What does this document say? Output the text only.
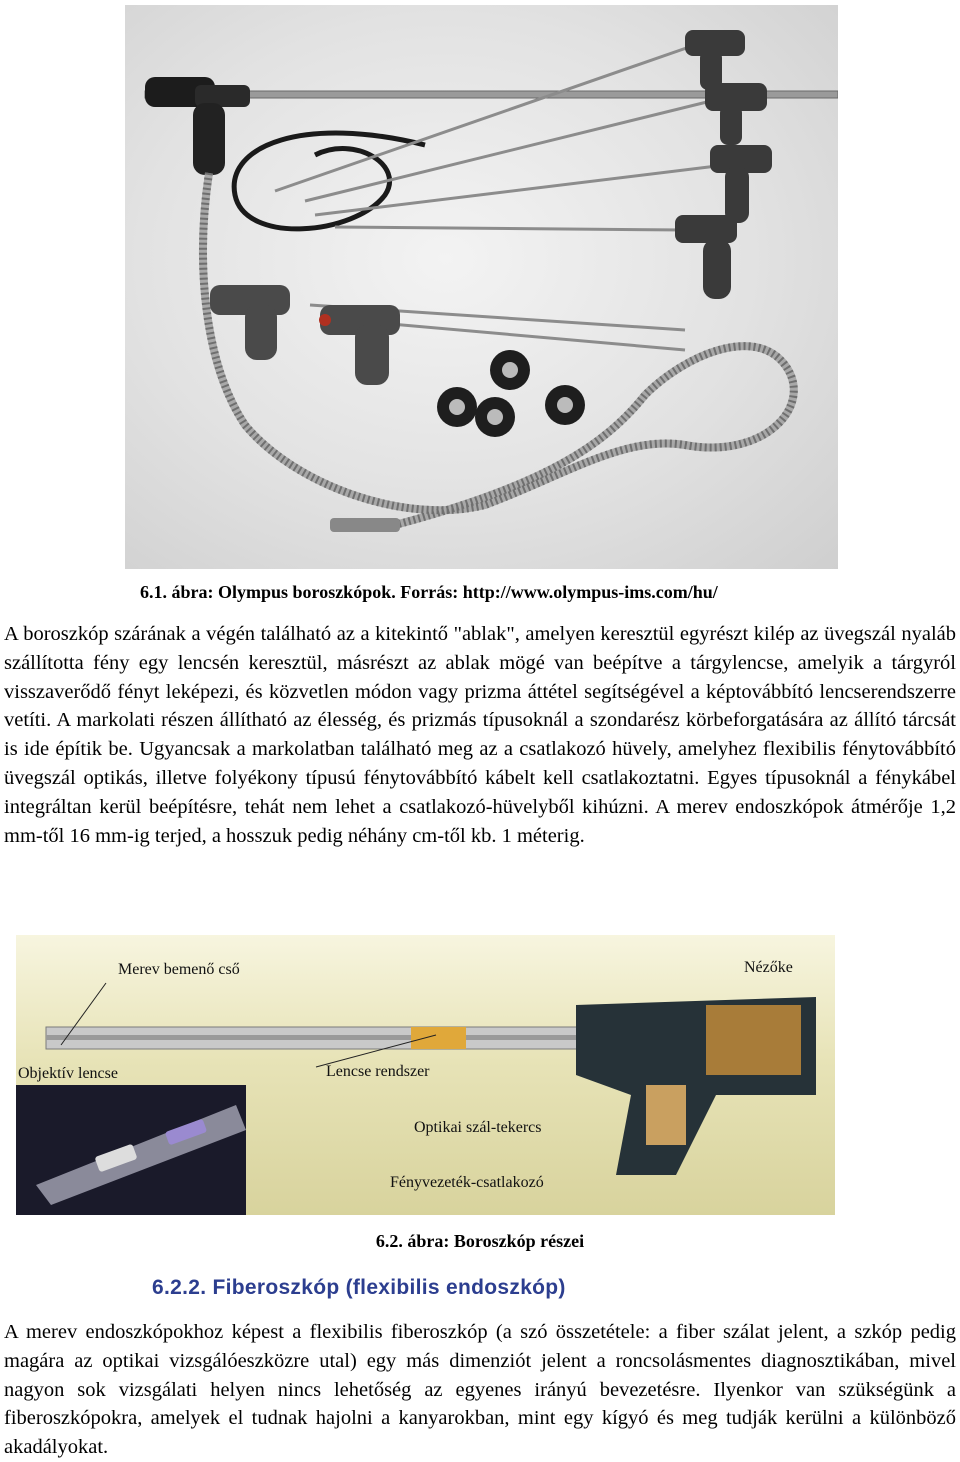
6.1. ábra: Olympus boroszkópok. Forrás: http://www.olympus-ims.com/hu/
A boroszkóp szárának a végén található az a kitekintő "ablak", amelyen keresztül egyrészt kilép az üvegszál nyaláb szállította fény egy lencsén keresztül, másrészt az ablak mögé van beépítve a tárgylencse, amelyik a tárgyról visszaverődő fényt leképezi, és közvetlen módon vagy prizma áttétel segítségével a képtovábbító lencserendszerre vetíti. A markolati részen állítható az élesség, és prizmás típusoknál a szondarész körbeforgatására az állító tárcsát is ide építik be. Ugyancsak a markolatban található meg az a csatlakozó hüvely, amelyhez flexibilis fénytovábbító üvegszál optikás, illetve folyékony típusú fénytovábbító kábelt kell csatlakoztatni. Egyes típusoknál a fénykábel integráltan kerül beépítésre, tehát nem lehet a csatlakozó-hüvelyből kihúzni. A merev endoszkópok átmérője 1,2 mm-től 16 mm-ig terjed, a hosszuk pedig néhány cm-től kb. 1 méterig.
Merev bemenő cső	Nézőke
Objektív lencse	Lencse rendszer
Optikai szál-tekercs
Fényvezeték-csatlakozó
6.2. ábra: Boroszkóp részei
6.2.2. Fiberoszkóp (flexibilis endoszkóp)
A merev endoszkópokhoz képest a flexibilis fiberoszkóp (a szó összetétele: a fiber szálat jelent, a szkóp pedig magára az optikai vizsgálóeszközre utal) egy más dimenziót jelent a roncsolásmentes diagnosztikában, mivel nagyon sok vizsgálati helyen nincs lehetőség az egyenes irányú bevezetésre. Ilyenkor van szükségünk a fiberoszkópokra, amelyek el tudnak hajolni a kanyarokban, mint egy kígyó és meg tudják kerülni a különböző akadályokat.
